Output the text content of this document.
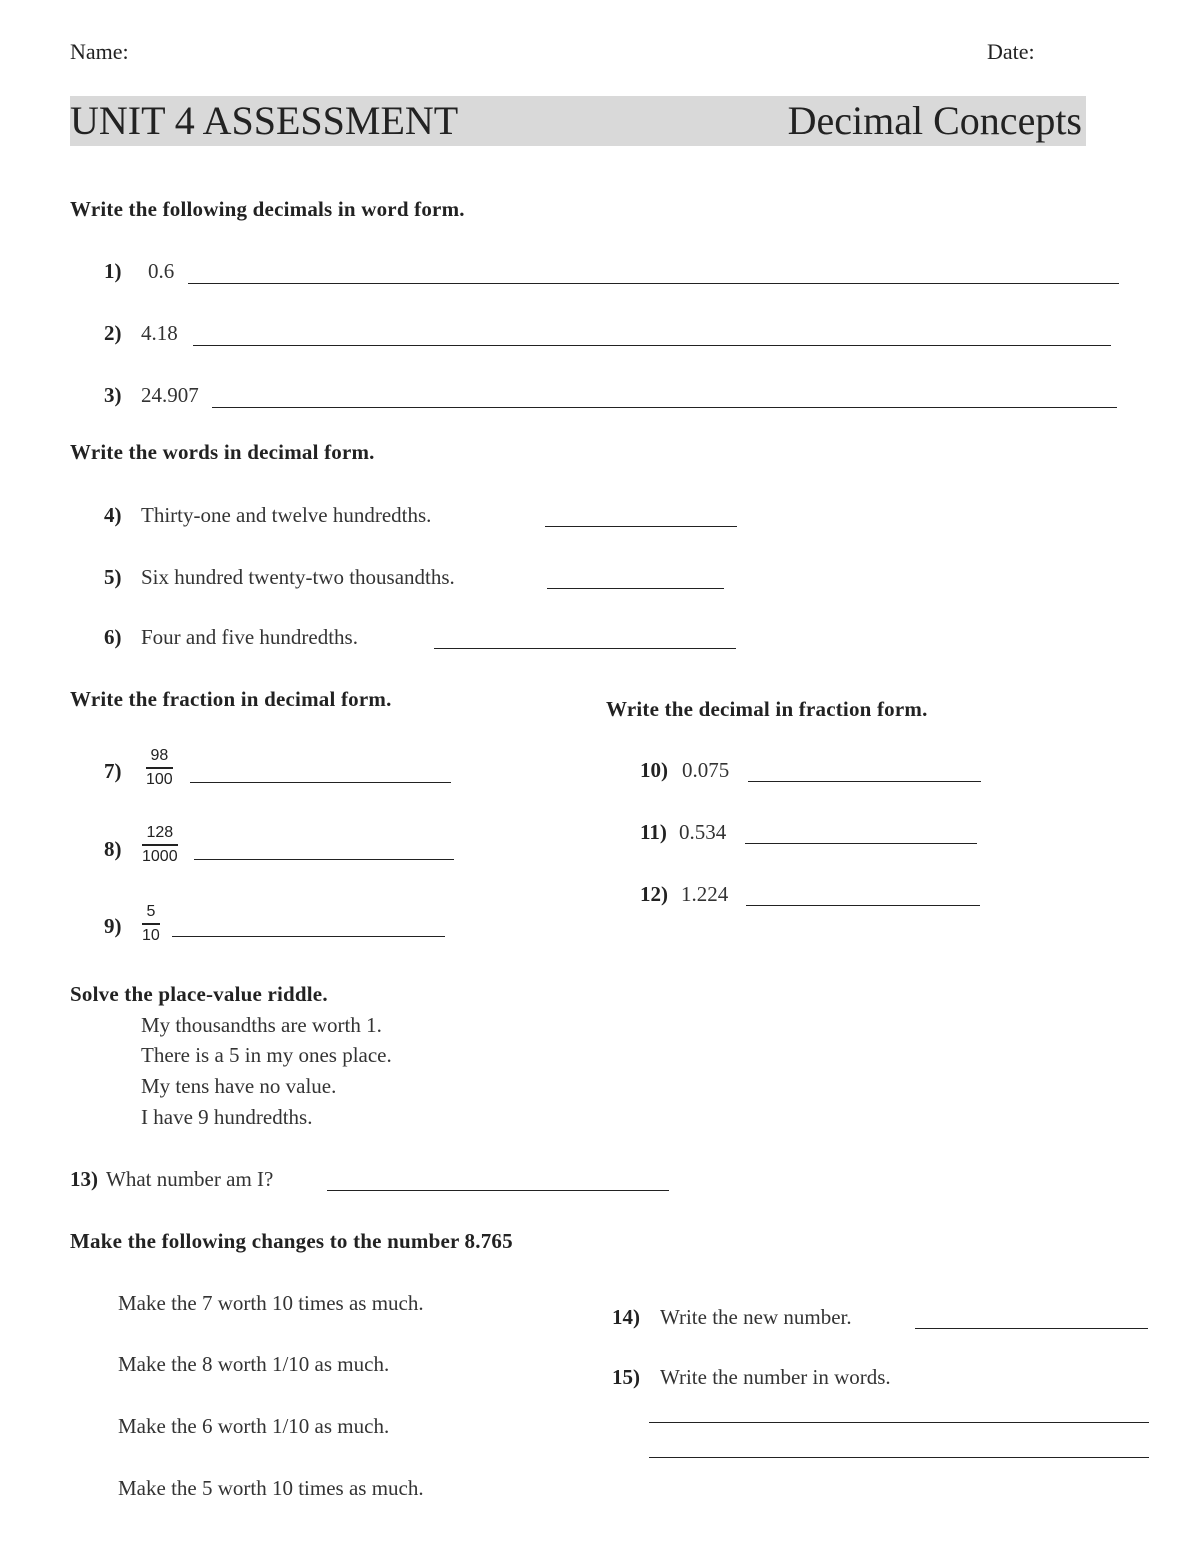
Name:	Date:
UNIT 4 ASSESSMENT	Decimal Concepts
Write the following decimals in word form.
1) 0.6
2) 4.18
3) 24.907
Write the words in decimal form.
4) Thirty-one and twelve hundredths.
5) Six hundred twenty-two thousandths.
6) Four and five hundredths.
Write the fraction in decimal form.
7)
98
100
8)
128
1000
9)
5
10
Write the decimal in fraction form.
10) 0.075
11) 0.534
12) 1.224
Solve the place-value riddle.
My thousandths are worth 1.
There is a 5 in my ones place.
My tens have no value.
I have 9 hundredths.
13) What number am I?
Make the following changes to the number 8.765
Make the 7 worth 10 times as much.
Make the 8 worth 1/10 as much.
Make the 6 worth 1/10 as much.
Make the 5 worth 10 times as much.
14) Write the new number.
15) Write the number in words.
